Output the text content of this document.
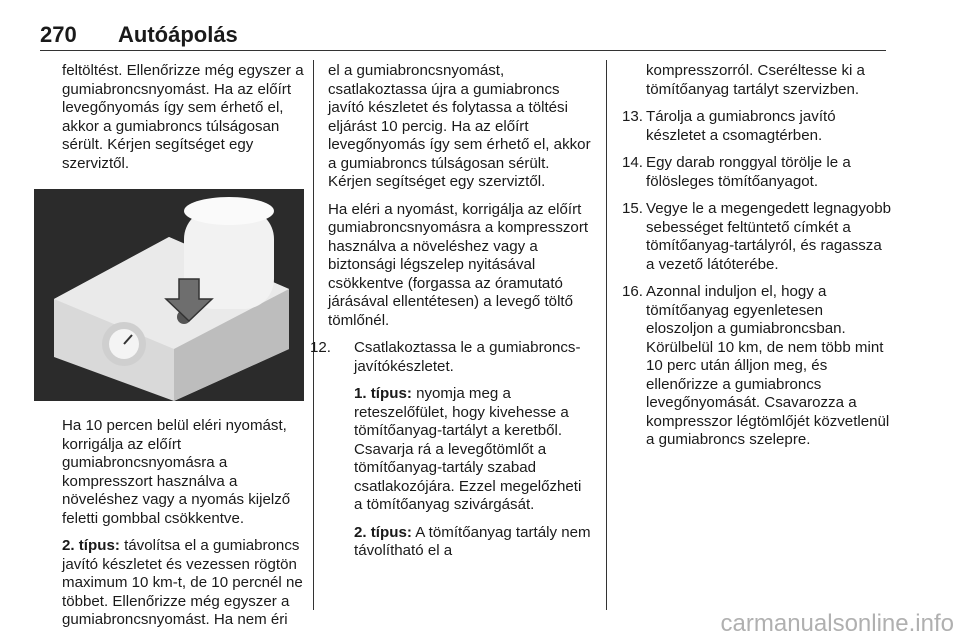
270 Autóápolás

feltöltést. Ellenőrizze még egyszer a gumiabroncsnyomást. Ha az előírt levegőnyomás így sem érhető el, akkor a gumiabroncs túlságosan sérült. Kérjen segítséget egy szerviztől.

Ha 10 percen belül eléri nyomást, korrigálja az előírt gumiabroncsnyomásra a kompresszort használva a növeléshez vagy a nyomás kijelző feletti gombbal csökkentve.

2. típus: távolítsa el a gumiabroncs javító készletet és vezessen rögtön maximum 10 km-t, de 10 percnél ne többet. Ellenőrizze még egyszer a gumiabroncsnyomást. Ha nem éri

el a gumiabroncsnyomást, csatlakoztassa újra a gumiabroncs javító készletet és folytassa a töltési eljárást 10 percig. Ha az előírt levegőnyomás így sem érhető el, akkor a gumiabroncs túlságosan sérült. Kérjen segítséget egy szerviztől.

Ha eléri a nyomást, korrigálja az előírt gumiabroncsnyomásra a kompresszort használva a növeléshez vagy a biztonsági légszelep nyitásával csökkentve (forgassa az óramutató járásával ellentétesen) a levegő töltő tömlőnél.

12. Csatlakoztassa le a gumiabroncs-javítókészletet.

1. típus: nyomja meg a reteszelőfület, hogy kivehesse a tömítőanyag-tartályt a keretből. Csavarja rá a levegőtömlőt a tömítőanyag-tartály szabad csatlakozójára. Ezzel megelőzheti a tömítőanyag szivárgását.

2. típus: A tömítőanyag tartály nem távolítható el a

kompresszorról. Cseréltesse ki a tömítőanyag tartályt szervizben.

13. Tárolja a gumiabroncs javító készletet a csomagtérben.
14. Egy darab ronggyal törölje le a fölösleges tömítőanyagot.
15. Vegye le a megengedett legnagyobb sebességet feltüntető címkét a tömítőanyag-tartályról, és ragassza a vezető látóterébe.
16. Azonnal induljon el, hogy a tömítőanyag egyenletesen eloszoljon a gumiabroncsban. Körülbelül 10 km, de nem több mint 10 perc után álljon meg, és ellenőrizze a gumiabroncs levegőnyomását. Csavarozza a kompresszor légtömlőjét közvetlenül a gumiabroncs szelepre.
carmanualsonline.info
